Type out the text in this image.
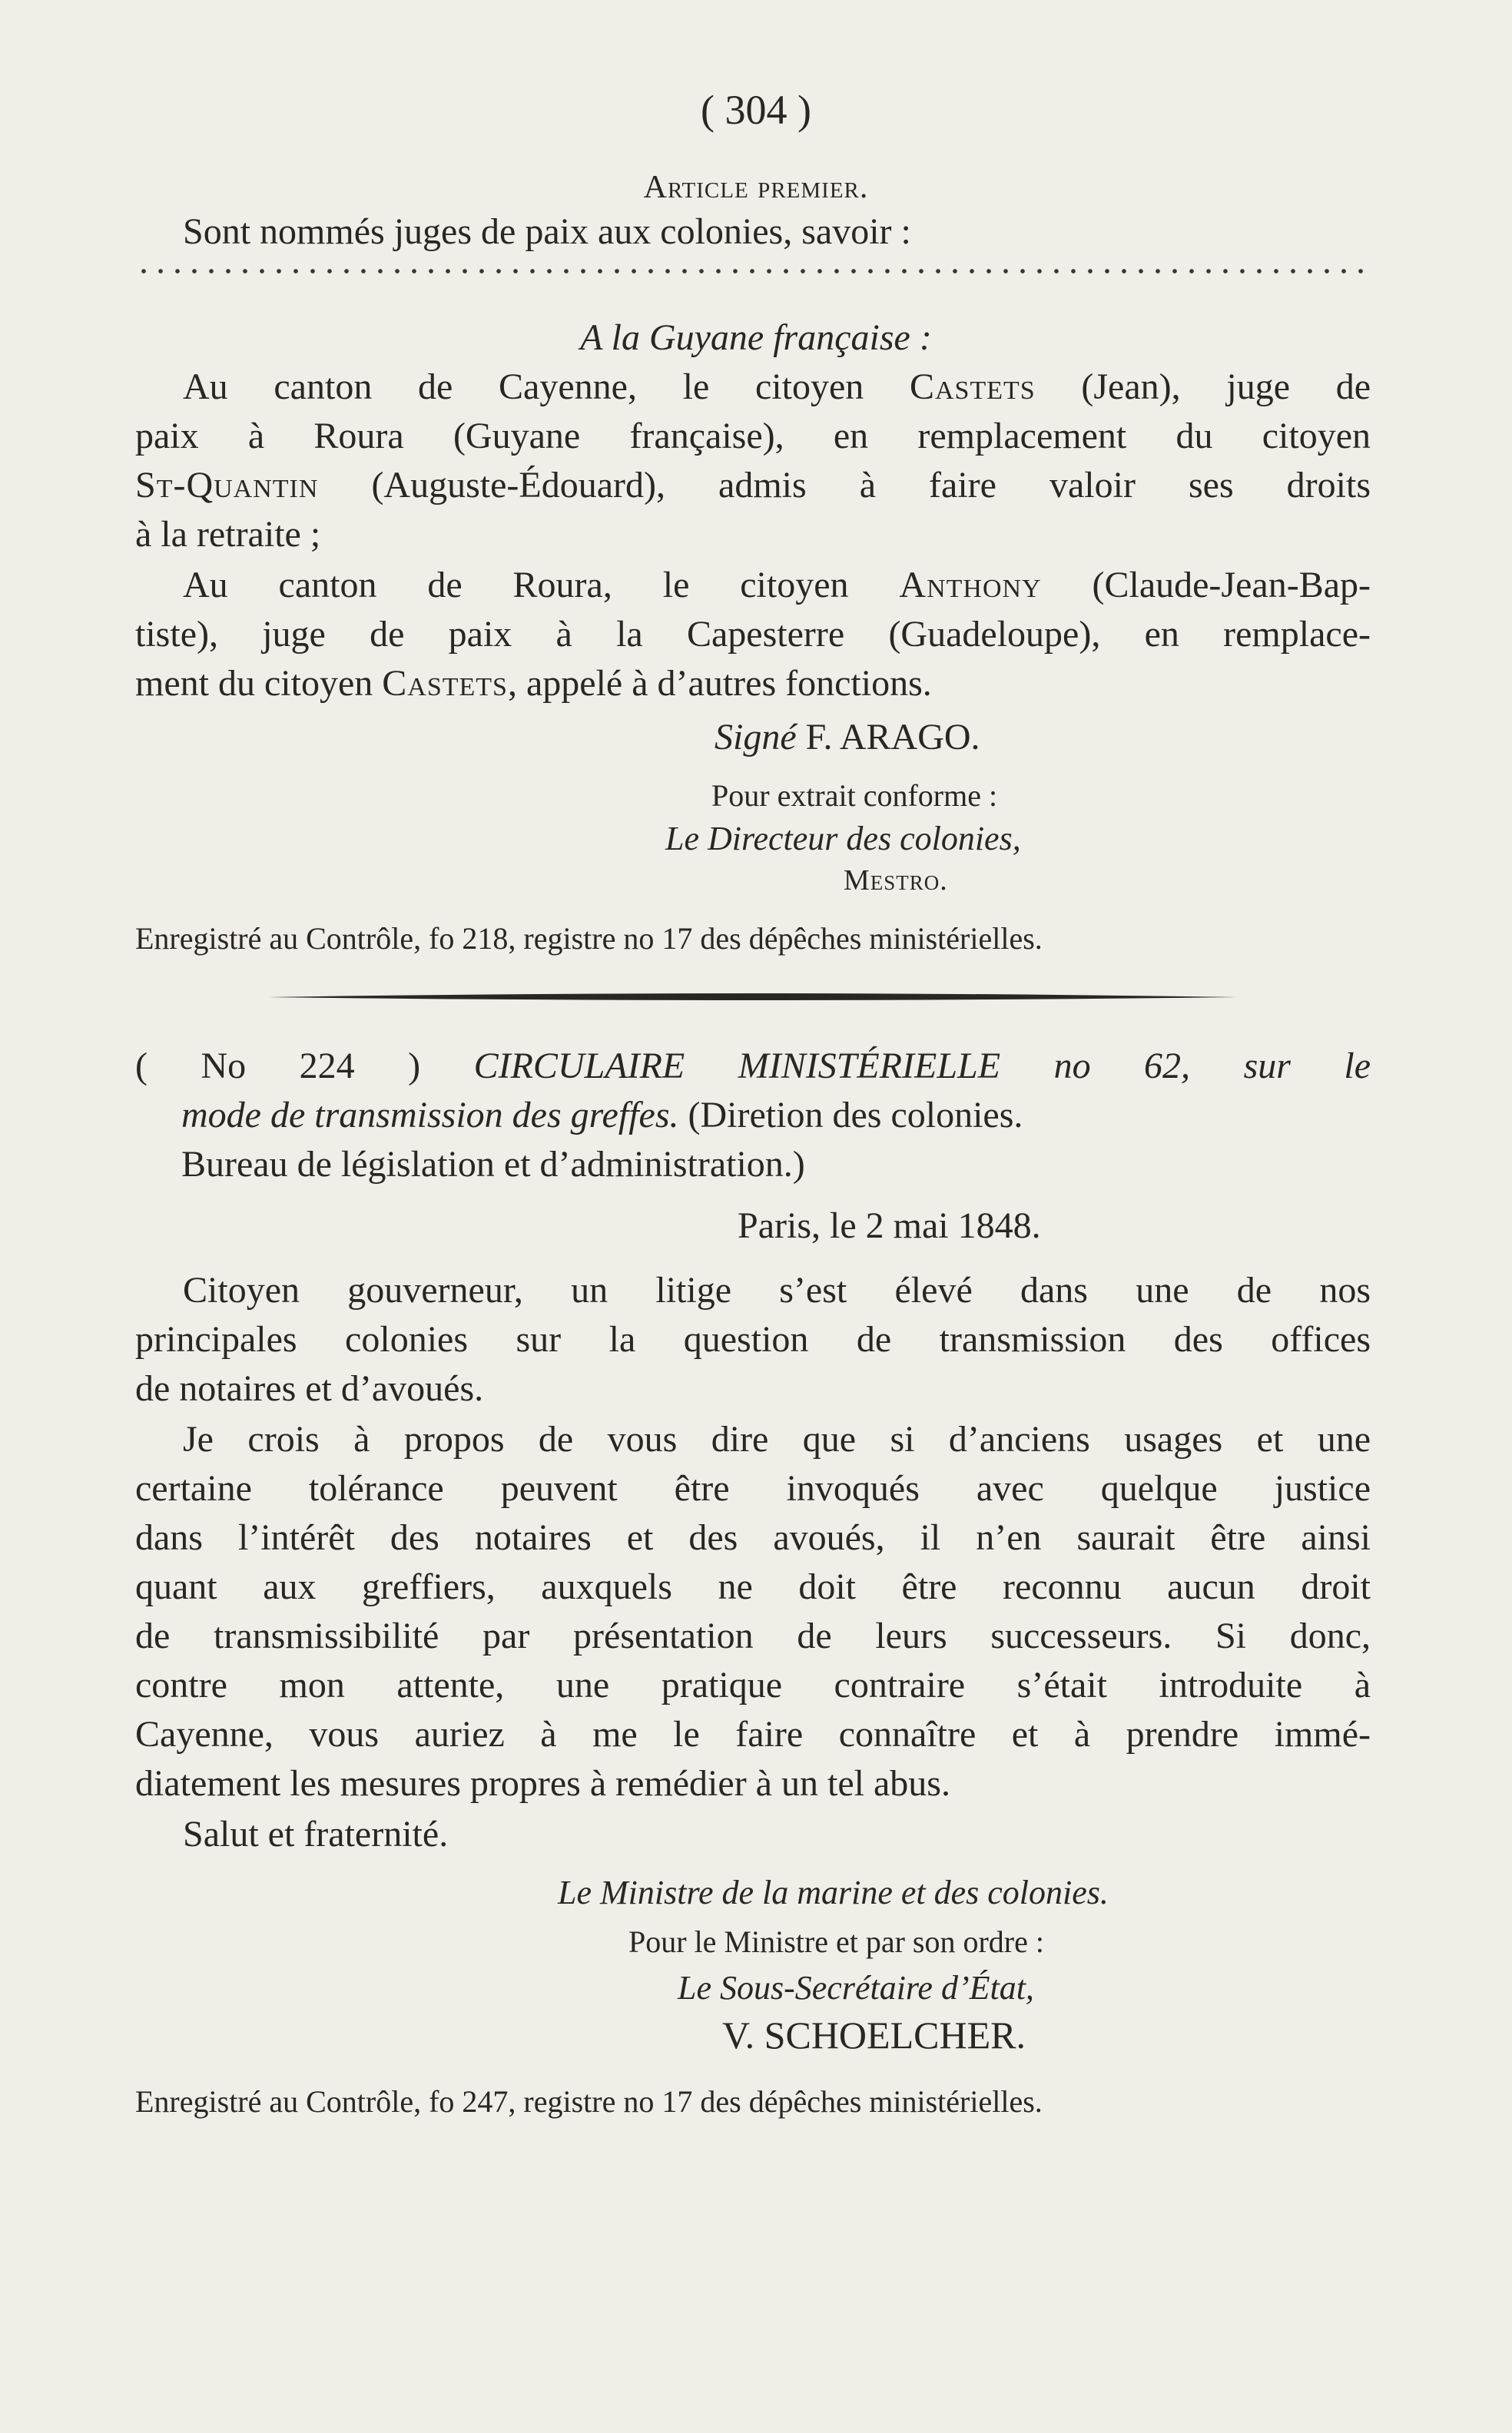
( 304 )
Article premier.
Sont nommés juges de paix aux colonies, savoir :
A la Guyane française :
Au canton de Cayenne, le citoyen Castets (Jean), juge de
paix à Roura (Guyane française), en remplacement du citoyen
St-Quantin (Auguste-Édouard), admis à faire valoir ses droits
à la retraite ;
Au canton de Roura, le citoyen Anthony (Claude-Jean-Bap-
tiste), juge de paix à la Capesterre (Guadeloupe), en remplace-
ment du citoyen Castets, appelé à d’autres fonctions.
Signé F. ARAGO.
Pour extrait conforme :
Le Directeur des colonies,
Mestro.
Enregistré au Contrôle, fo 218, registre no 17 des dépêches ministérielles.
( No 224 ) CIRCULAIRE MINISTÉRIELLE no 62, sur le
mode de transmission des greffes. (Diretion des colonies.
Bureau de législation et d’administration.)
Paris, le 2 mai 1848.
Citoyen gouverneur, un litige s’est élevé dans une de nos
principales colonies sur la question de transmission des offices
de notaires et d’avoués.
Je crois à propos de vous dire que si d’anciens usages et une
certaine tolérance peuvent être invoqués avec quelque justice
dans l’intérêt des notaires et des avoués, il n’en saurait être ainsi
quant aux greffiers, auxquels ne doit être reconnu aucun droit
de transmissibilité par présentation de leurs successeurs. Si donc,
contre mon attente, une pratique contraire s’était introduite à
Cayenne, vous auriez à me le faire connaître et à prendre immé-
diatement les mesures propres à remédier à un tel abus.
Salut et fraternité.
Le Ministre de la marine et des colonies.
Pour le Ministre et par son ordre :
Le Sous-Secrétaire d’État,
V. SCHOELCHER.
Enregistré au Contrôle, fo 247, registre no 17 des dépêches ministérielles.
